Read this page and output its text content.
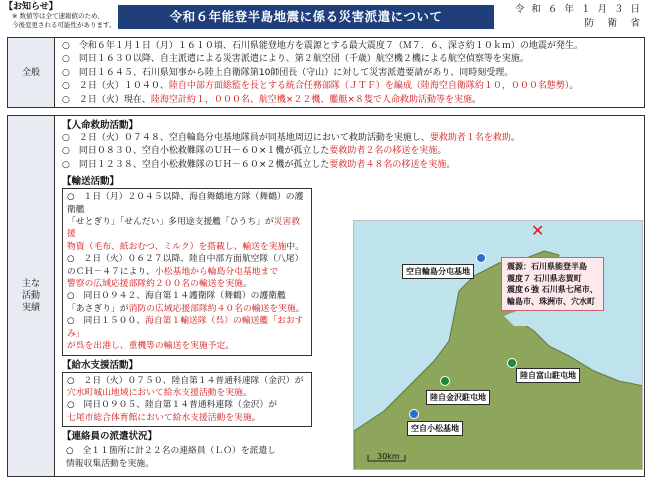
【お知らせ】
※ 数値等は全て速報値のため、
今後変更される可能性があります。
令和６年能登半島地震に係る災害派遣について	令 和 ６ 年 １ 月 ３ 日
防　衛　省
全般
○　令和６年１月１日（月）１６１０頃、石川県能登地方を震源とする最大震度７（Ｍ７．６、深さ約１０ｋｍ）の地震が発生。
○　同日１６３０以降、自主派遣による災害派遣により、第２航空団（千歳）航空機２機による航空偵察等を実施。
○　同日１６４５、石川県知事から陸上自衛隊第10師団長（守山）に対して災害派遣要請があり、同時刻受理。
○　２日（火）１０４０、陸自中部方面総監を長とする統合任務部隊（ＪＴＦ）を編成（陸海空自衛隊約１０，０００名態勢）。
○　２日（火）現在、陸海空計約１，０００名、航空機×２２機、艦艇×８隻で人命救助活動等を実施。
主な
活動
実績
【人命救助活動】
○　２日（火）０７４８、空自輪島分屯基地隊員が同基地周辺において救助活動を実施し、要救助者１名を救助。
○　同日０８３０、空自小松救難隊のＵＨ－６０×１機が孤立した要救助者２名の移送を実施。
○　同日１２３８、空自小松救難隊のＵＨ－６０×２機が孤立した要救助者４８名の移送を実施。
【輸送活動】
○　１日（月）２０４５以降、海自舞鶴地方隊（舞鶴）の護衛艦
「せとぎり」「せんだい」多用途支援艦「ひうち」が災害救援
物資（毛布、紙おむつ、ミルク）を搭載し、輸送を実施中。
○　２日（火）０６２７以降、陸自中部方面航空隊（八尾）
のＣＨ－４７により、小松基地から輪島分屯基地まで
警察の広域応援部隊約２００名の輸送を実施。
○　同日０９４２、海自第１４護衛隊（舞鶴）の護衛艦
「あさぎり」が消防の広域応援部隊約４０名の輸送を実施。
○　同日１５００、海自第１輸送隊（呉）の輸送艦「おおすみ」
が呉を出港し、重機等の輸送を実施予定。
【給水支援活動】
○　２日（火）０７５０、陸自第１４普通科連隊（金沢）が
穴水町城山地域において給水支援活動を実施。
○　同日０９０５、陸自第１４普通科連隊（金沢）が
七尾市総合体育館において給水支援活動を実施。
【連絡員の派遣状況】
○　全１１箇所に計２２名の連絡員（ＬＯ）を派遣し
情報収集活動を実施。
✕
震源：石川県能登半島
震度７ 石川県志賀町
震度６強 石川県七尾市、
輪島市、珠洲市、穴水町
空自輪島分屯基地
陸自富山駐屯地
陸自金沢駐屯地
空自小松基地
30km
